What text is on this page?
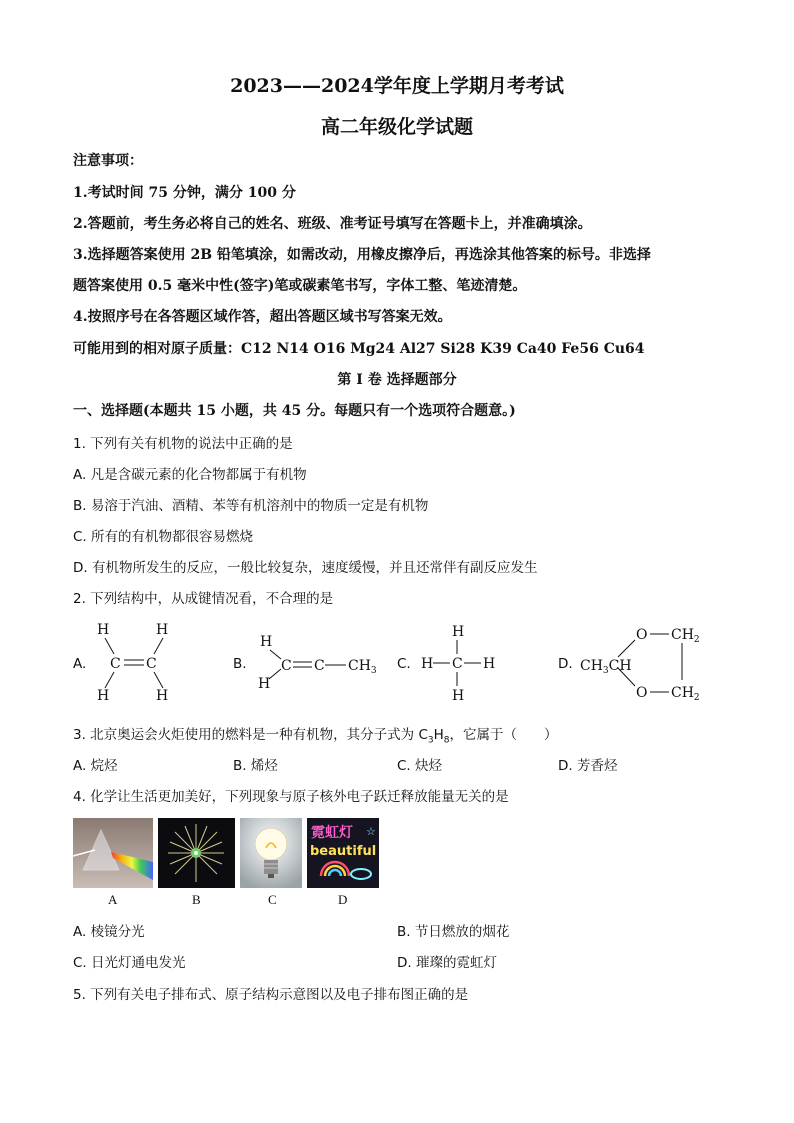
2023——2024学年度上学期月考考试
高二年级化学试题
注意事项：
1.考试时间 75 分钟，满分 100 分
2.答题前，考生务必将自己的姓名、班级、准考证号填写在答题卡上，并准确填涂。
3.选择题答案使用 2B 铅笔填涂，如需改动，用橡皮擦净后，再选涂其他答案的标号。非选择
题答案使用 0.5 毫米中性(签字)笔或碳素笔书写，字体工整、笔迹清楚。
4.按照序号在各答题区域作答，超出答题区域书写答案无效。
可能用到的相对原子质量：C12 N14 O16 Mg24 Al27 Si28 K39 Ca40 Fe56 Cu64
第 I 卷 选择题部分
一、选择题(本题共 15 小题，共 45 分。每题只有一个选项符合题意。)
1. 下列有关有机物的说法中正确的是
A. 凡是含碳元素的化合物都属于有机物
B. 易溶于汽油、酒精、苯等有机溶剂中的物质一定是有机物
C. 所有的有机物都很容易燃烧
D. 有机物所发生的反应，一般比较复杂，速度缓慢，并且还常伴有副反应发生
2. 下列结构中，从成键情况看，不合理的是
A.
H	H
C C
H	H
B.
H
H
C C $CH_3$ C.
H
H C H
H
D. $CH_3CH$
O
O
$CH_2$
$CH_2$
3. 北京奥运会火炬使用的燃料是一种有机物，其分子式为 $C_3H_8$，它属于（　　）
A. 烷烃	B. 烯烃	C. 炔烃	D. 芳香烃
4. 化学让生活更加美好，下列现象与原子核外电子跃迁释放能量无关的是
A	B	C
霓虹灯 ☆
beautiful
D
A. 棱镜分光	B. 节日燃放的烟花
C. 日光灯通电发光	D. 璀璨的霓虹灯
5. 下列有关电子排布式、原子结构示意图以及电子排布图正确的是
